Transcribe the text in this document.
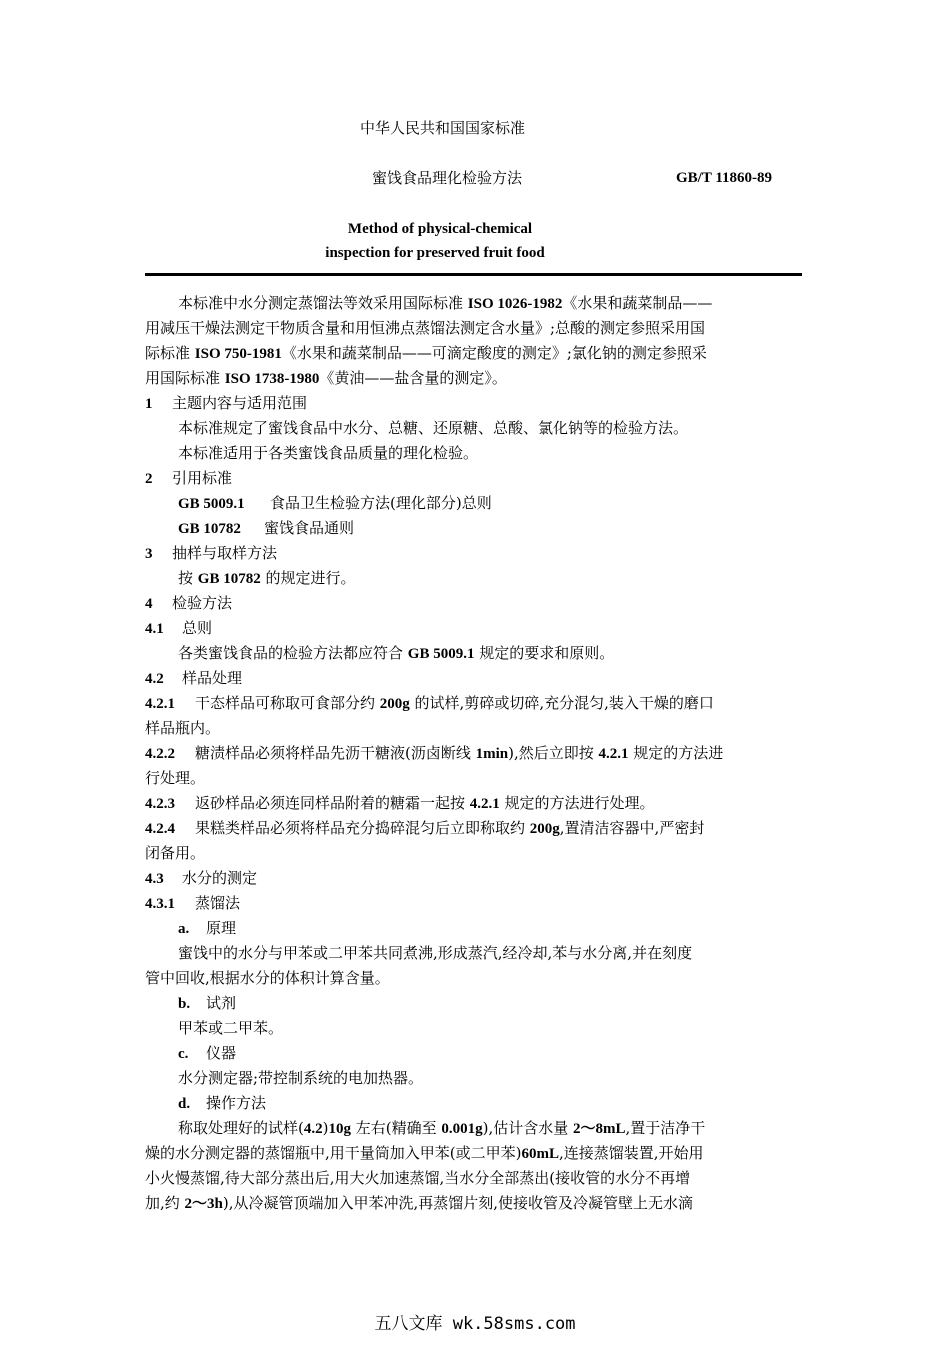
中华人民共和国国家标准
蜜饯食品理化检验方法	GB/T 11860-89
Method of physical-chemical
inspection for preserved fruit food
本标准中水分测定蒸馏法等效采用国际标准 ISO 1026-1982《水果和蔬菜制品——
用减压干燥法测定干物质含量和用恒沸点蒸馏法测定含水量》;总酸的测定参照采用国
际标准 ISO 750-1981《水果和蔬菜制品——可滴定酸度的测定》;氯化钠的测定参照采
用国际标准 ISO 1738-1980《黄油——盐含量的测定》。
1 主题内容与适用范围
本标准规定了蜜饯食品中水分、总糖、还原糖、总酸、氯化钠等的检验方法。
本标准适用于各类蜜饯食品质量的理化检验。
2 引用标准
GB 5009.1 食品卫生检验方法(理化部分)总则
GB 10782 蜜饯食品通则
3 抽样与取样方法
按 GB 10782 的规定进行。
4 检验方法
4.1 总则
各类蜜饯食品的检验方法都应符合 GB 5009.1 规定的要求和原则。
4.2 样品处理
4.2.1 干态样品可称取可食部分约 200g 的试样,剪碎或切碎,充分混匀,装入干燥的磨口
样品瓶内。
4.2.2 糖渍样品必须将样品先沥干糖液(沥卤断线 1min),然后立即按 4.2.1 规定的方法进
行处理。
4.2.3 返砂样品必须连同样品附着的糖霜一起按 4.2.1 规定的方法进行处理。
4.2.4 果糕类样品必须将样品充分捣碎混匀后立即称取约 200g,置清洁容器中,严密封
闭备用。
4.3 水分的测定
4.3.1 蒸馏法
a. 原理
蜜饯中的水分与甲苯或二甲苯共同煮沸,形成蒸汽,经冷却,苯与水分离,并在刻度
管中回收,根据水分的体积计算含量。
b. 试剂
甲苯或二甲苯。
c. 仪器
水分测定器;带控制系统的电加热器。
d. 操作方法
称取处理好的试样(4.2)10g 左右(精确至 0.001g),估计含水量 2～8mL,置于洁净干
燥的水分测定器的蒸馏瓶中,用干量筒加入甲苯(或二甲苯)60mL,连接蒸馏装置,开始用
小火慢蒸馏,待大部分蒸出后,用大火加速蒸馏,当水分全部蒸出(接收管的水分不再增
加,约 2～3h),从冷凝管顶端加入甲苯冲洗,再蒸馏片刻,使接收管及冷凝管壁上无水滴
五八文库 wk.58sms.com
